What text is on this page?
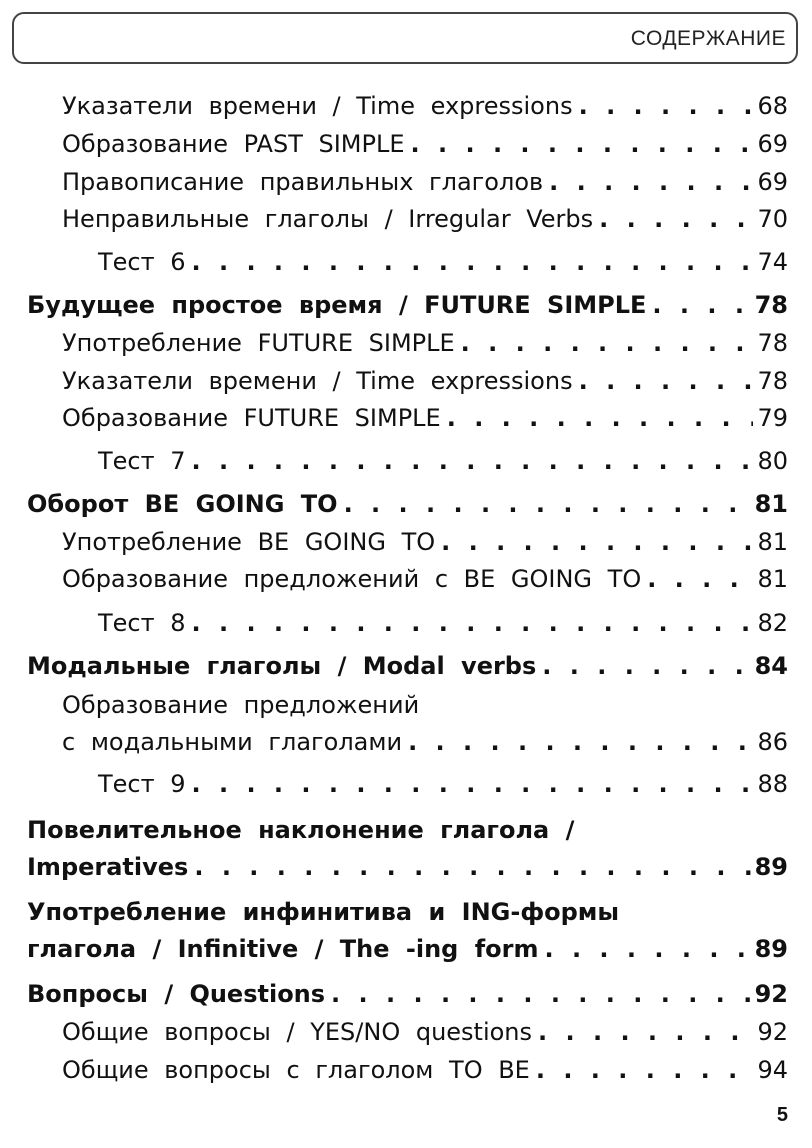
СОДЕРЖАНИЕ
Указатели времени / Time expressions . . .	68
Образование PAST SIMPLE . . .	69
Правописание правильных глаголов . . .	69
Неправильные глаголы / Irregular Verbs . . .	70
Тест 6 . . .	74
Будущее простое время / FUTURE SIMPLE . . .	78
Употребление FUTURE SIMPLE . . .	78
Указатели времени / Time expressions . . .	78
Образование FUTURE SIMPLE . . .	79
Тест 7 . . .	80
Оборот BE GOING TO . . .	81
Употребление BE GOING TO . . .	81
Образование предложений с BE GOING TO . . .	81
Тест 8 . . .	82
Модальные глаголы / Modal verbs . . .	84
Образование предложений
с модальными глаголами . . .	86
Тест 9 . . .	88
Повелительное наклонение глагола /
Imperatives . . .	89
Употребление инфинитива и ING-формы
глагола / Infinitive / The -ing form . . .	89
Вопросы / Questions . . .	92
Общие вопросы / YES/NO questions . . .	92
Общие вопросы с глаголом TO BE . . .	94
5
